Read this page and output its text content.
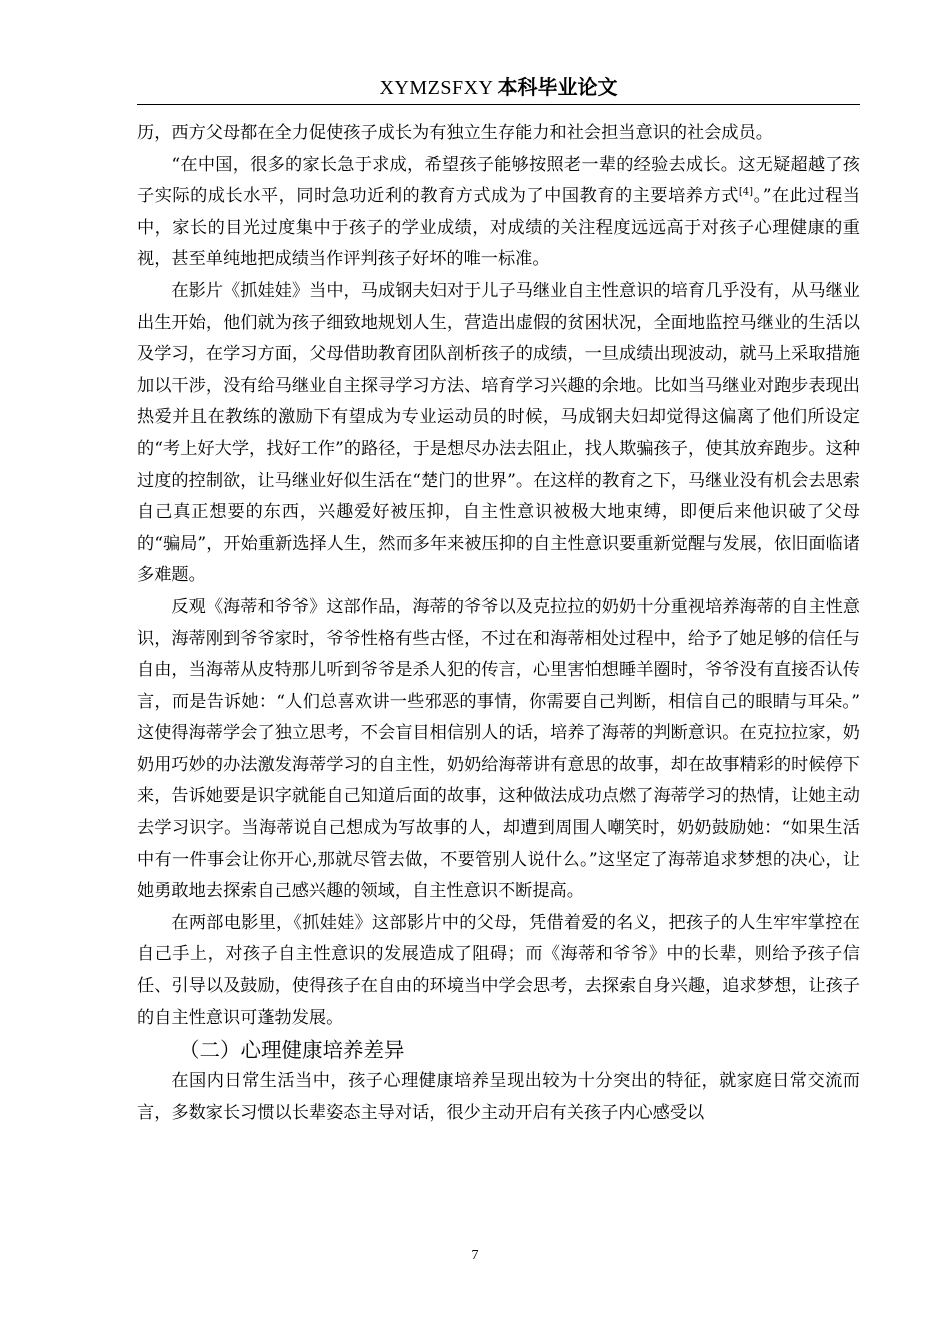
XYMZSFXY 本科毕业论文

历，西方父母都在全力促使孩子成长为有独立生存能力和社会担当意识的社会成员。

“在中国，很多的家长急于求成，希望孩子能够按照老一辈的经验去成长。这无疑超越了孩子实际的成长水平，同时急功近利的教育方式成为了中国教育的主要培养方式[4]。”在此过程当中，家长的目光过度集中于孩子的学业成绩，对成绩的关注程度远远高于对孩子心理健康的重视，甚至单纯地把成绩当作评判孩子好坏的唯一标准。

在影片《抓娃娃》当中，马成钢夫妇对于儿子马继业自主性意识的培育几乎没有，从马继业出生开始，他们就为孩子细致地规划人生，营造出虚假的贫困状况，全面地监控马继业的生活以及学习，在学习方面，父母借助教育团队剖析孩子的成绩，一旦成绩出现波动，就马上采取措施加以干涉，没有给马继业自主探寻学习方法、培育学习兴趣的余地。比如当马继业对跑步表现出热爱并且在教练的激励下有望成为专业运动员的时候，马成钢夫妇却觉得这偏离了他们所设定的“考上好大学，找好工作”的路径，于是想尽办法去阻止，找人欺骗孩子，使其放弃跑步。这种过度的控制欲，让马继业好似生活在“楚门的世界”。在这样的教育之下，马继业没有机会去思索自己真正想要的东西，兴趣爱好被压抑，自主性意识被极大地束缚，即便后来他识破了父母的“骗局”，开始重新选择人生，然而多年来被压抑的自主性意识要重新觉醒与发展，依旧面临诸多难题。

反观《海蒂和爷爷》这部作品，海蒂的爷爷以及克拉拉的奶奶十分重视培养海蒂的自主性意识，海蒂刚到爷爷家时，爷爷性格有些古怪，不过在和海蒂相处过程中，给予了她足够的信任与自由，当海蒂从皮特那儿听到爷爷是杀人犯的传言，心里害怕想睡羊圈时，爷爷没有直接否认传言，而是告诉她：“人们总喜欢讲一些邪恶的事情，你需要自己判断，相信自己的眼睛与耳朵。” 这使得海蒂学会了独立思考，不会盲目相信别人的话，培养了海蒂的判断意识。在克拉拉家，奶奶用巧妙的办法激发海蒂学习的自主性，奶奶给海蒂讲有意思的故事，却在故事精彩的时候停下来，告诉她要是识字就能自己知道后面的故事，这种做法成功点燃了海蒂学习的热情，让她主动去学习识字。当海蒂说自己想成为写故事的人，却遭到周围人嘲笑时，奶奶鼓励她：“如果生活中有一件事会让你开心,那就尽管去做，不要管别人说什么。”这坚定了海蒂追求梦想的决心，让她勇敢地去探索自己感兴趣的领域，自主性意识不断提高。

在两部电影里，《抓娃娃》这部影片中的父母，凭借着爱的名义，把孩子的人生牢牢掌控在自己手上，对孩子自主性意识的发展造成了阻碍；而《海蒂和爷爷》中的长辈，则给予孩子信任、引导以及鼓励，使得孩子在自由的环境当中学会思考，去探索自身兴趣，追求梦想，让孩子的自主性意识可蓬勃发展。

（二）心理健康培养差异

在国内日常生活当中，孩子心理健康培养呈现出较为十分突出的特征，就家庭日常交流而言，多数家长习惯以长辈姿态主导对话，很少主动开启有关孩子内心感受以

7
